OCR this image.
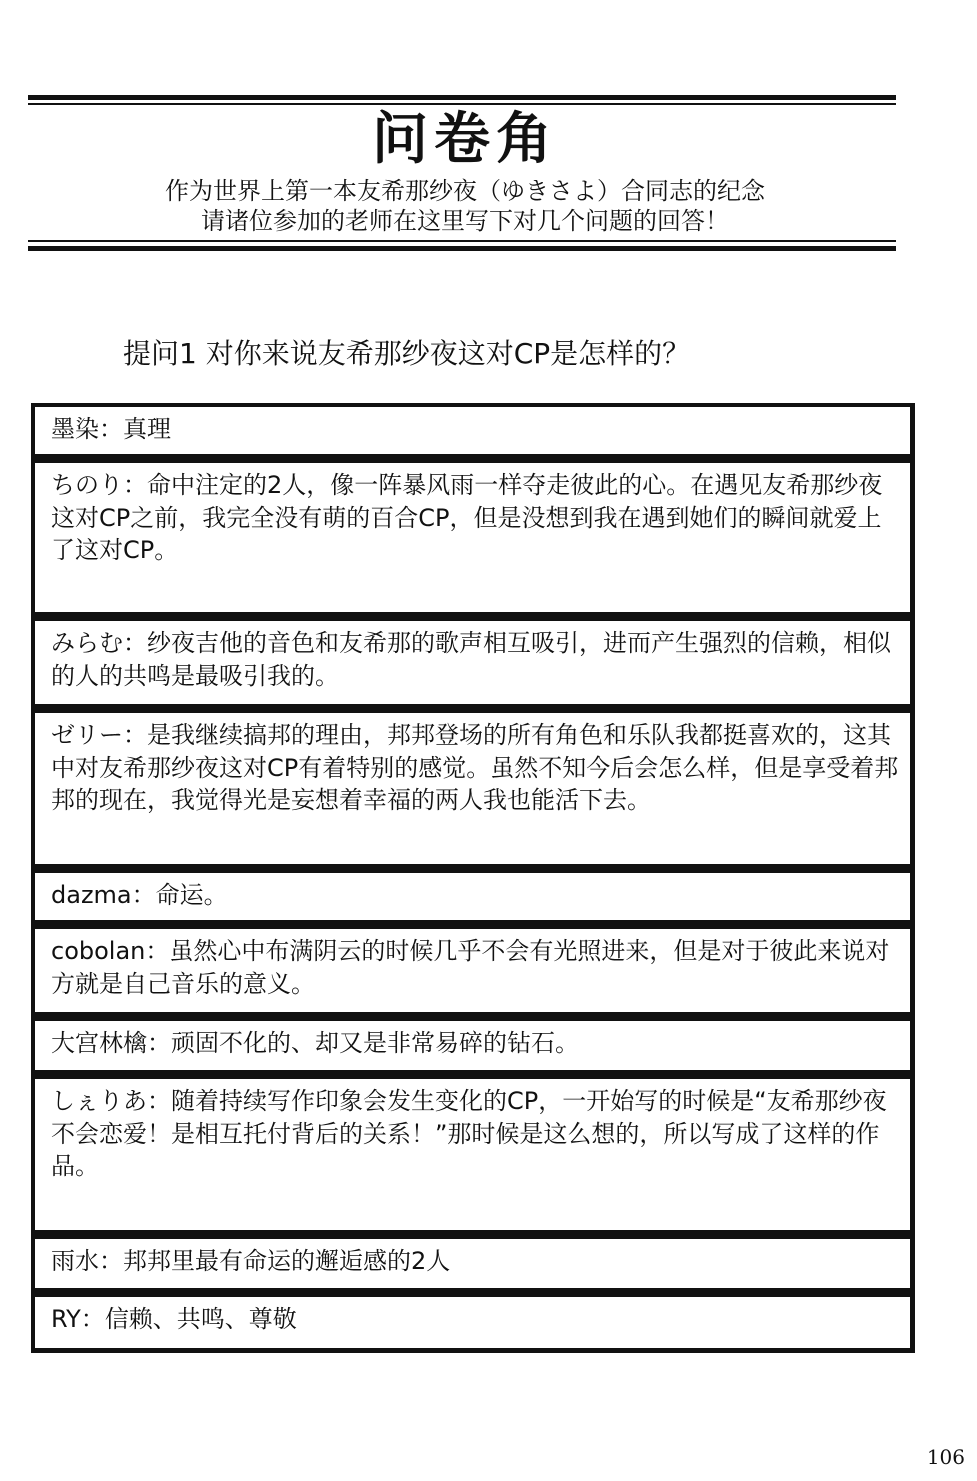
问卷角
作为世界上第一本友希那纱夜（ゆきさよ）合同志的纪念
请诸位参加的老师在这里写下对几个问题的回答！
提问1 对你来说友希那纱夜这对CP是怎样的？
墨染：真理
ちのり：命中注定的2人，像一阵暴风雨一样夺走彼此的心。在遇见友希那纱夜这对CP之前，我完全没有萌的百合CP，但是没想到我在遇到她们的瞬间就爱上了这对CP。
みらむ：纱夜吉他的音色和友希那的歌声相互吸引，进而产生强烈的信赖，相似的人的共鸣是最吸引我的。
ゼリー：是我继续搞邦的理由，邦邦登场的所有角色和乐队我都挺喜欢的，这其中对友希那纱夜这对CP有着特别的感觉。虽然不知今后会怎么样，但是享受着邦邦的现在，我觉得光是妄想着幸福的两人我也能活下去。
dazma：命运。
cobolan：虽然心中布满阴云的时候几乎不会有光照进来，但是对于彼此来说对方就是自己音乐的意义。
大宫林檎：顽固不化的、却又是非常易碎的钻石。
しぇりあ：随着持续写作印象会发生变化的CP，一开始写的时候是“友希那纱夜不会恋爱！是相互托付背后的关系！”那时候是这么想的，所以写成了这样的作品。
雨水：邦邦里最有命运的邂逅感的2人
RY：信赖、共鸣、尊敬
106
